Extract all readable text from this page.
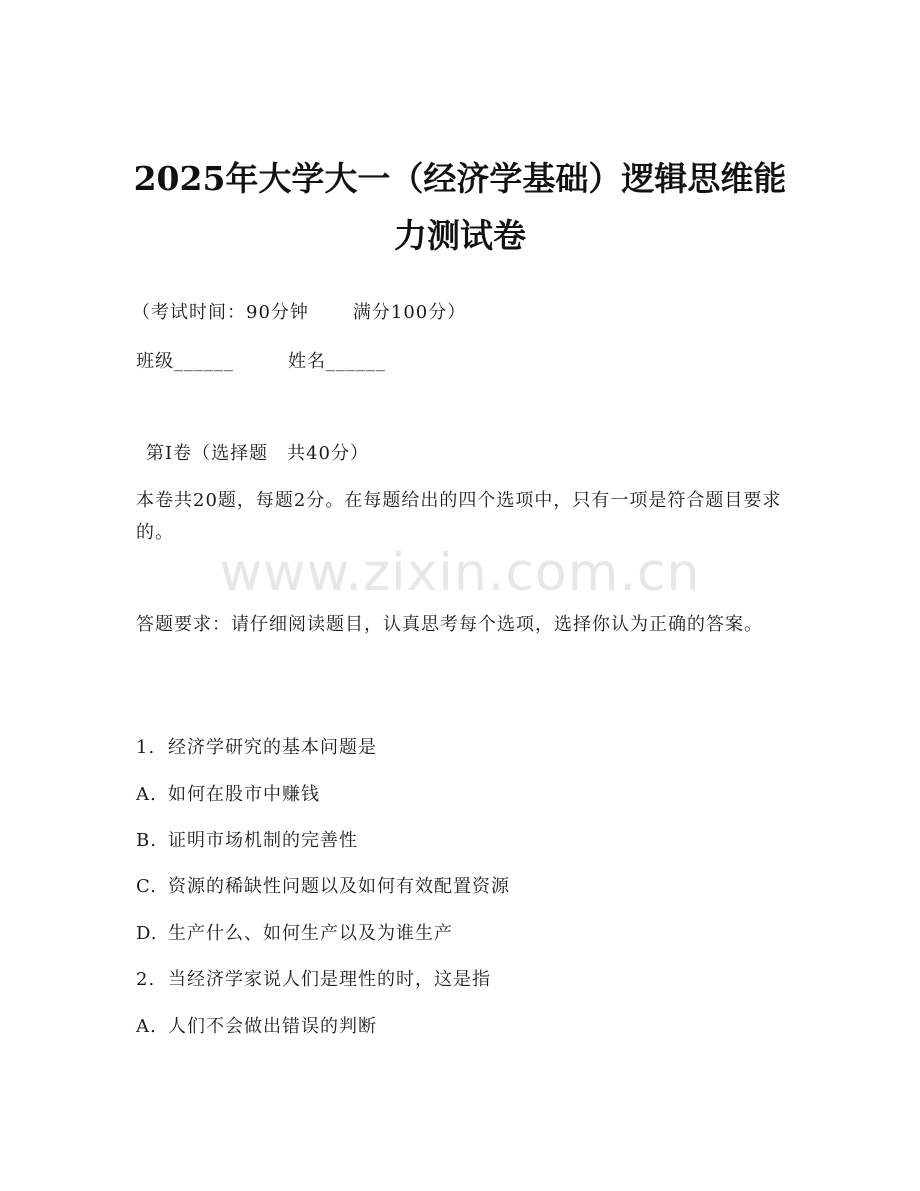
2025年大学大一（经济学基础）逻辑思维能
力测试卷
（考试时间：90分钟 满分100分）
班级______	姓名______
第Ⅰ卷（选择题　共40分）
本卷共20题，每题2分。在每题给出的四个选项中，只有一项是符合题目要求的。
www.zixin.com.cn
答题要求：请仔细阅读题目，认真思考每个选项，选择你认为正确的答案。
1. 经济学研究的基本问题是
A. 如何在股市中赚钱
B. 证明市场机制的完善性
C. 资源的稀缺性问题以及如何有效配置资源
D. 生产什么、如何生产以及为谁生产
2. 当经济学家说人们是理性的时，这是指
A. 人们不会做出错误的判断
